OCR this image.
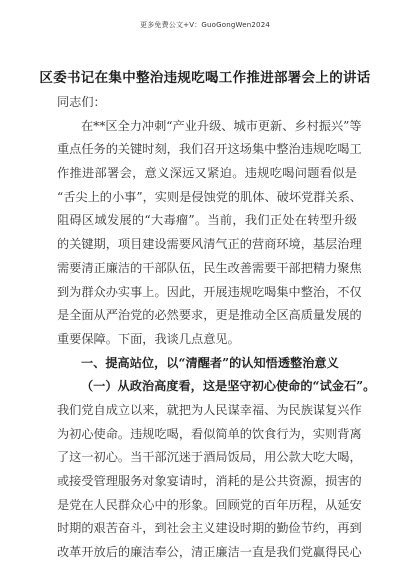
更多免费公文+V：GuoGongWen2024
区委书记在集中整治违规吃喝工作推进部署会上的讲话
同志们：
在**区全力冲刺“产业升级、城市更新、乡村振兴”等
重点任务的关键时刻，我们召开这场集中整治违规吃喝工
作推进部署会，意义深远又紧迫。违规吃喝问题看似是
“舌尖上的小事”，实则是侵蚀党的肌体、破坏党群关系、
阻碍区域发展的“大毒瘤”。当前，我们正处在转型升级
的关键期，项目建设需要风清气正的营商环境，基层治理
需要清正廉洁的干部队伍，民生改善需要干部把精力聚焦
到为群众办实事上。因此，开展违规吃喝集中整治，不仅
是全面从严治党的必然要求，更是推动全区高质量发展的
重要保障。下面，我谈几点意见。
一、提高站位，以“清醒者”的认知悟透整治意义
（一）从政治高度看，这是坚守初心使命的“试金石”。
我们党自成立以来，就把为人民谋幸福、为民族谋复兴作
为初心使命。违规吃喝，看似简单的饮食行为，实则背离
了这一初心。当干部沉迷于酒局饭局，用公款大吃大喝，
或接受管理服务对象宴请时，消耗的是公共资源，损害的
是党在人民群众心中的形象。回顾党的百年历程，从延安
时期的艰苦奋斗，到社会主义建设时期的勤俭节约，再到
改革开放后的廉洁奉公，清正廉洁一直是我们党赢得民心
